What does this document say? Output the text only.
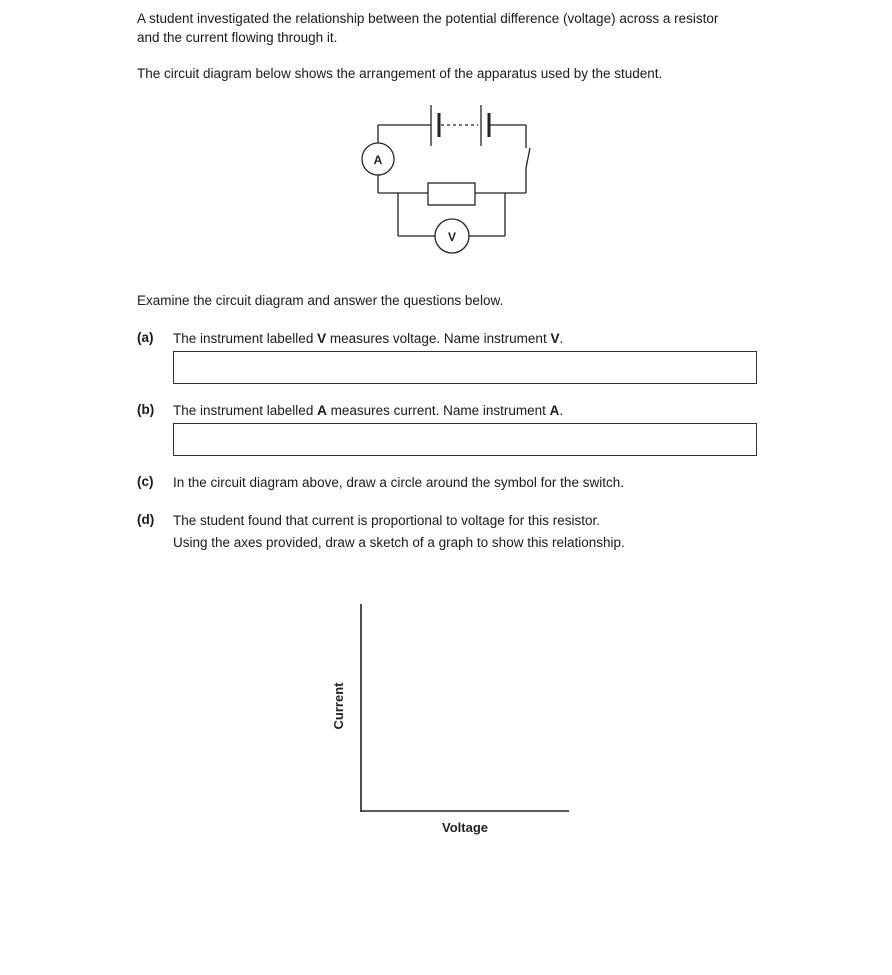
A student investigated the relationship between the potential difference (voltage) across a resistor
and the current flowing through it.
The circuit diagram below shows the arrangement of the apparatus used by the student.
A
V
Examine the circuit diagram and answer the questions below.
(a) The instrument labelled V measures voltage. Name instrument V.
(b) The instrument labelled A measures current. Name instrument A.
(c) In the circuit diagram above, draw a circle around the symbol for the switch.
(d) The student found that current is proportional to voltage for this resistor.
Using the axes provided, draw a sketch of a graph to show this relationship.
Current
Voltage
